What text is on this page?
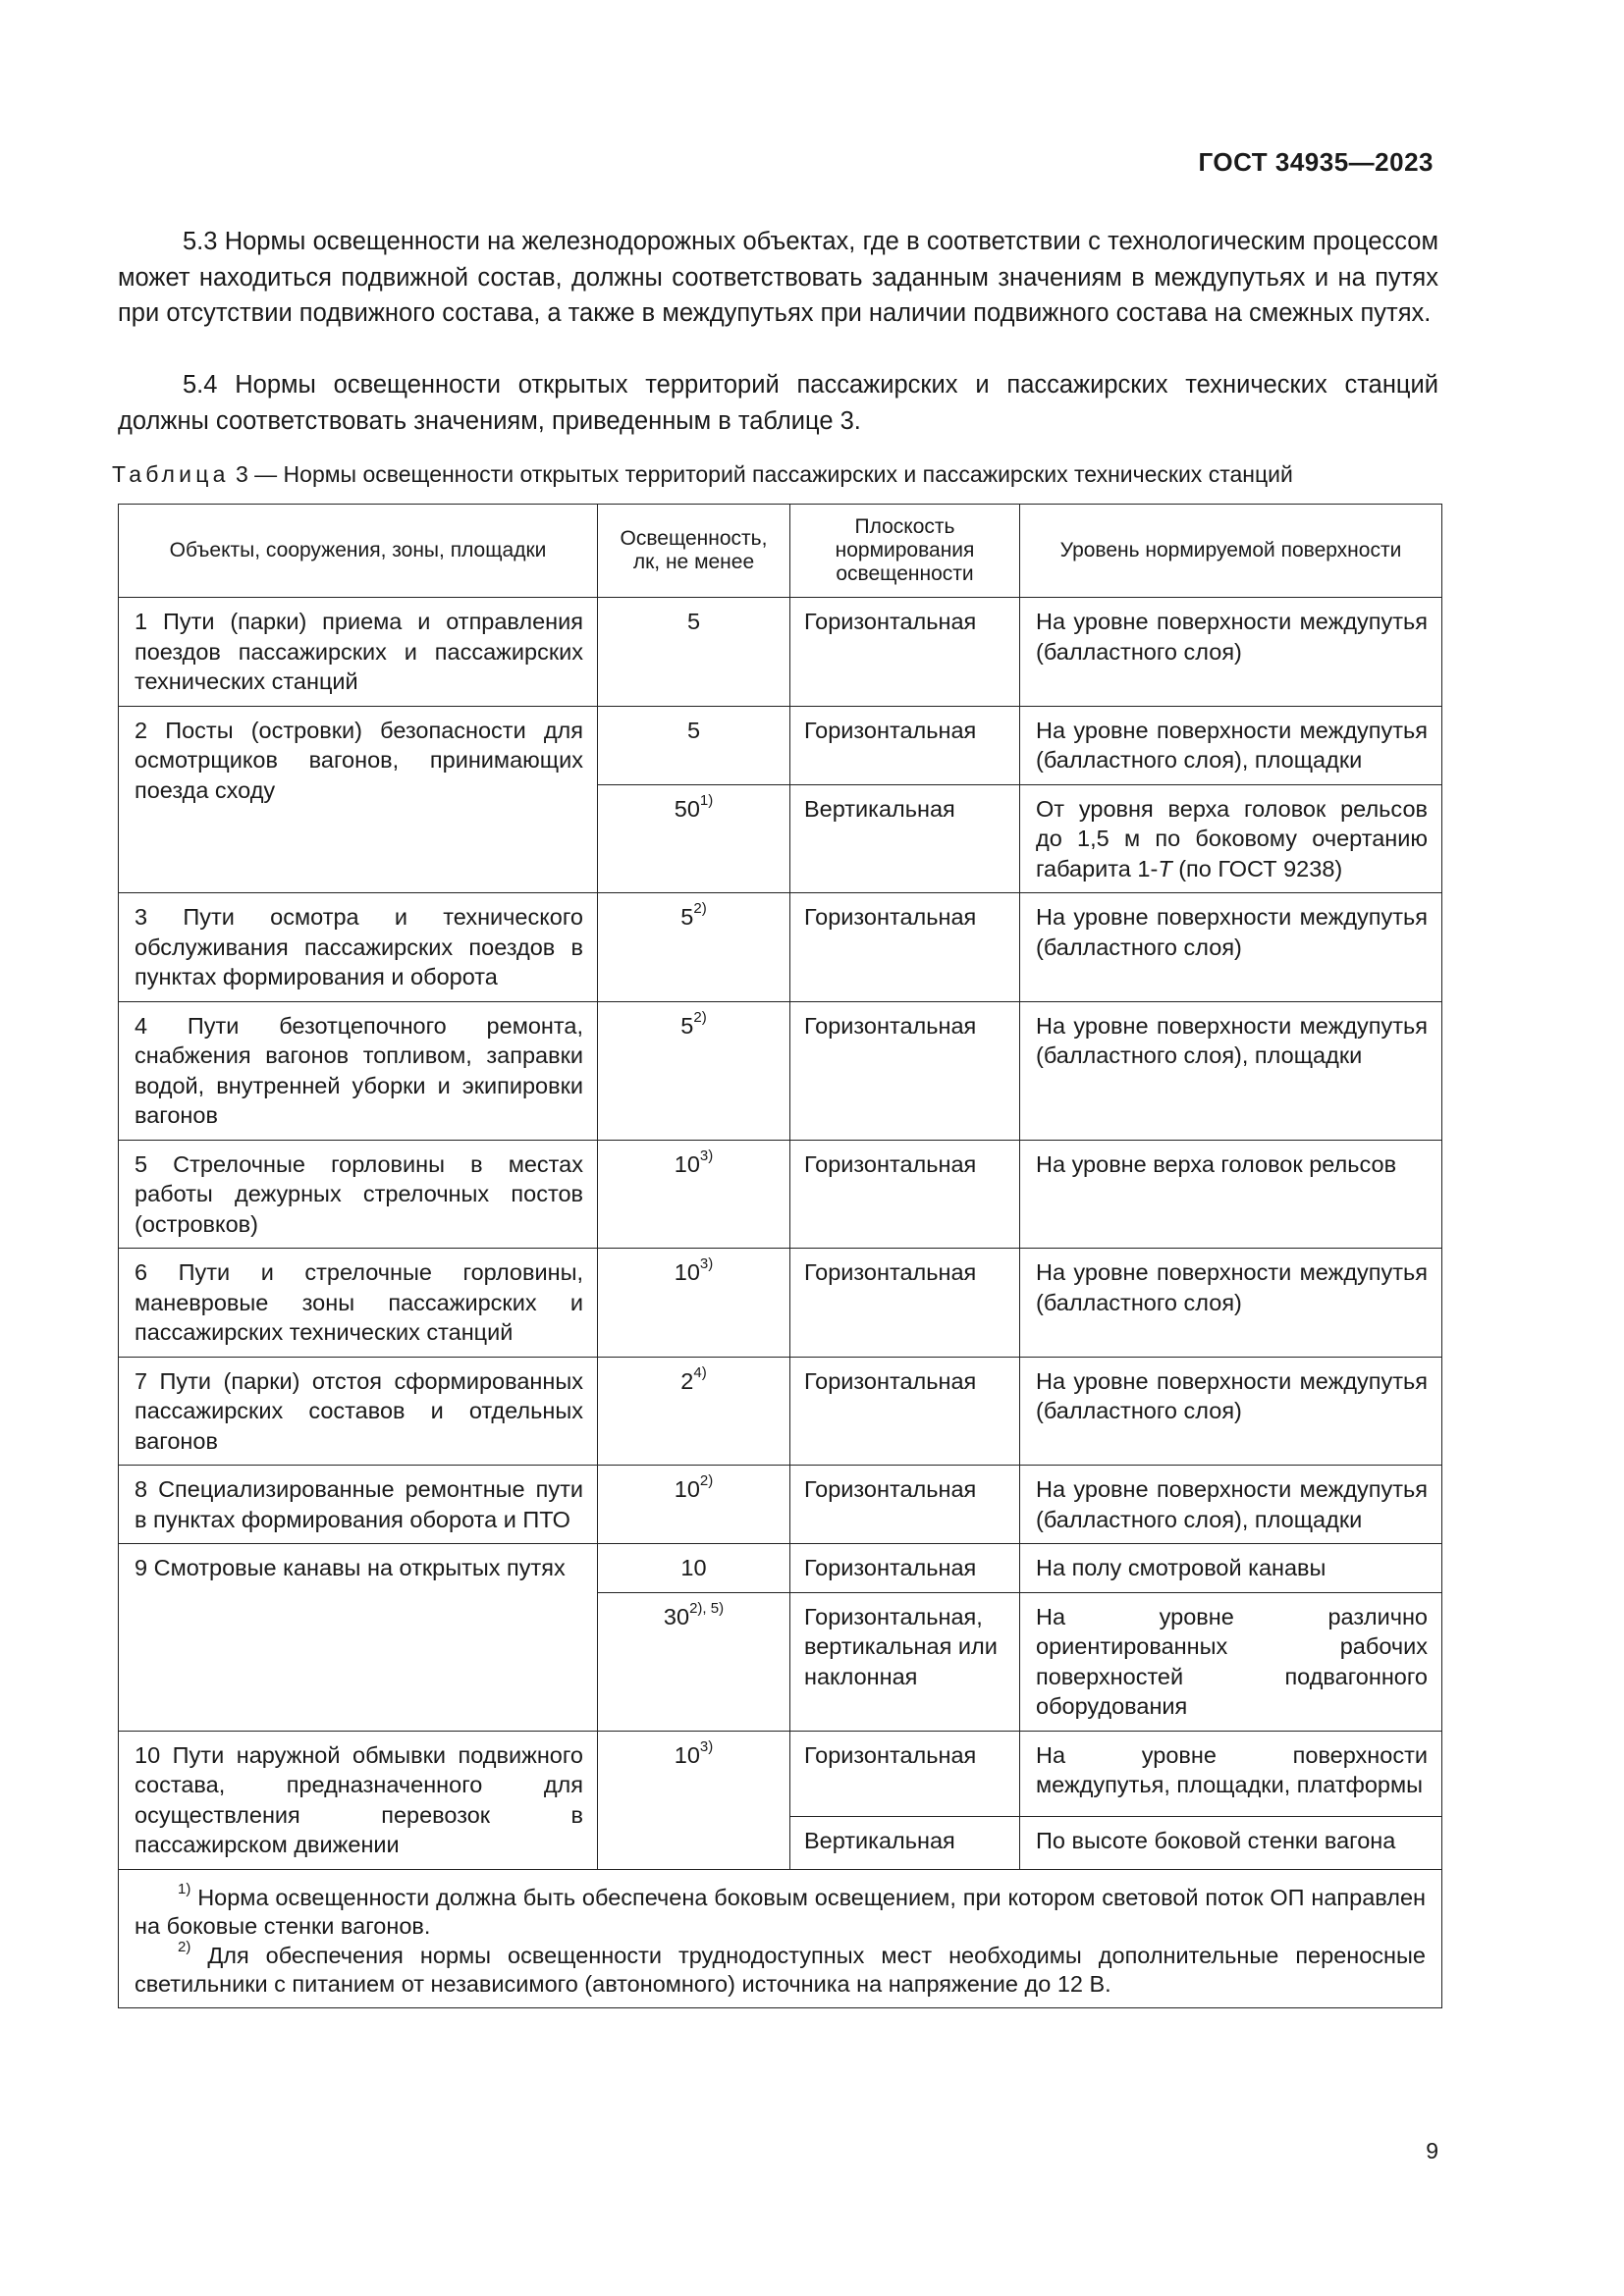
ГОСТ 34935—2023
5.3 Нормы освещенности на железнодорожных объектах, где в соответствии с технологическим процессом может находиться подвижной состав, должны соответствовать заданным значениям в междупутьях и на путях при отсутствии подвижного состава, а также в междупутьях при наличии подвижного состава на смежных путях.
5.4 Нормы освещенности открытых территорий пассажирских и пассажирских технических станций должны соответствовать значениям, приведенным в таблице 3.
Таблица 3 — Нормы освещенности открытых территорий пассажирских и пассажирских технических станций
Объекты, сооружения, зоны, площадки	Освещенность, лк, не менее	Плоскость нормирования освещенности	Уровень нормируемой поверхности

1 Пути (парки) приема и отправления поездов пассажирских и пассажирских технических станций	5	Горизонтальная	На уровне поверхности междупутья (балластного слоя)

2 Посты (островки) безопасности для осмотрщиков вагонов, принимающих поезда сходу	5	Горизонтальная	На уровне поверхности междупутья (балластного слоя), площадки

	50$^{1)}$	Вертикальная	От уровня верха головок рельсов до 1,5 м по боковому очертанию габарита 1-Т (по ГОСТ 9238)

3 Пути осмотра и технического обслуживания пассажирских поездов в пунктах формирования и оборота	5$^{2)}$	Горизонтальная	На уровне поверхности междупутья (балластного слоя)

4 Пути безотцепочного ремонта, снабжения вагонов топливом, заправки водой, внутренней уборки и экипировки вагонов	5$^{2)}$	Горизонтальная	На уровне поверхности междупутья (балластного слоя), площадки

5 Стрелочные горловины в местах работы дежурных стрелочных постов (островков)	10$^{3)}$	Горизонтальная	На уровне верха головок рельсов

6 Пути и стрелочные горловины, маневровые зоны пассажирских и пассажирских технических станций	10$^{3)}$	Горизонтальная	На уровне поверхности междупутья (балластного слоя)

7 Пути (парки) отстоя сформированных пассажирских составов и отдельных вагонов	2$^{4)}$	Горизонтальная	На уровне поверхности междупутья (балластного слоя)

8 Специализированные ремонтные пути в пунктах формирования оборота и ПТО	10$^{2)}$	Горизонтальная	На уровне поверхности междупутья (балластного слоя), площадки

9 Смотровые канавы на открытых путях	10	Горизонтальная	На полу смотровой канавы

	$30^{2), 5)}$	Горизонтальная, вертикальная или наклонная	На уровне различно ориентированных рабочих поверхностей подвагонного оборудования

10 Пути наружной обмывки подвижного состава, предназначенного для осуществления перевозок в пассажирском движении	10$^{3)}$	Горизонтальная	На уровне поверхности междупутья, площадки, платформы

		Вертикальная	По высоте боковой стенки вагона

$^{1)}$ Норма освещенности должна быть обеспечена боковым освещением, при котором световой поток ОП направлен на боковые стенки вагонов.
$^{2)}$ Для обеспечения нормы освещенности труднодоступных мест необходимы дополнительные переносные светильники с питанием от независимого (автономного) источника на напряжение до 12 В.			
9
